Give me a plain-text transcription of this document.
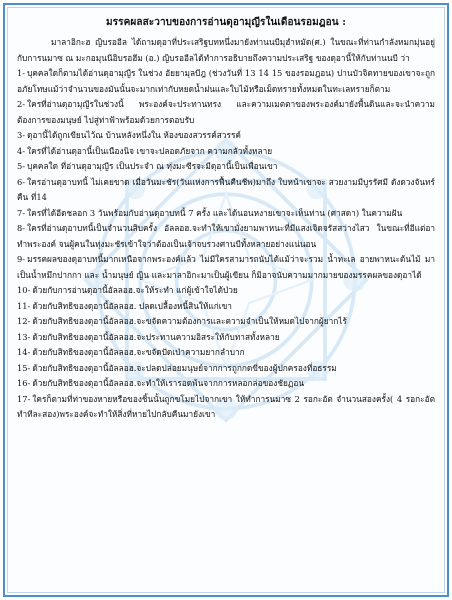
มรรคผลสะวาบของการอ่านดุอามุญีรในเดือนรอมฎอน :
มาลาอิกะฮ ญิบรออีล ได้ถามดุอาที่ประเสริฐบทหนึ่งมายังท่านนบีมุฮำหมัด(ศ.) ในขณะที่ท่านกำลังหมกมุ่นอยู่กับการนมาซ ณ มะกอมุนนีอิบรอฮีม (อ.) ญิบรออีลได้ทำการอธิบายถึงความประเสริฐ ของดุอานี้ให้กับท่านนบี ว่า
1- บุคคลใดก็ตามได้อ่านดุอามุญีร ในช่วง อัยยามุลบีฎ (ช่วงวันที่ 13 14 15 ของรอมฎอน) ปานบัวจิตทายของเขาจะถูกอภัยโทษแม้ว่าจำนวนของมันนั้นจะมากเท่ากับหยดน้ำฝนและใบไม้หรือเม็ดทรายทั้งหมดในทะเลทรายก็ตาม
2- ใครที่อ่านดุอามุญีรในช่วงนี้ พระองค์จะประทานทรง และความเมตตาของพระองค์มายังพื้นดินและจะนำความต้องการของมนุษย์ ไปสู่ท่าฟ้าพร้อมด้วยการตอบรับ
3- ดุอานี้ได้ถูกเขียนไว้ณ บ้านหลังหนึ่งใน ห้องของสวรรค์สวรรค์
4- ใครที่ได้อ่านดุอานี้เป็นเนืองนิจ เขาจะปลอดภัยจาก ความกลัวทั้งหลาย
5- บุคคลใด ที่อ่านดุอามุญีร เป็นประจำ ณ ทุ่งมะซีรจะมีดุอานี้เป็นเพื่อนเขา
6- ใครอ่านดุอาบทนี้ ไม่เคยขาด เมื่อวันมะชัร(วันแห่งการฟื้นคืนชีพ)มาถึง ใบหน้าเขาจะ สวยงามมีบูรรัศมี ดังดวงจันทร์ คืน ที่14
7- ใครที่ได้อีดชลอก 3 วันพร้อมกับอ่านดุอาบทนี้ 7 ครั้ง และได้นอนหงายเขาจะเห็นท่าน (ศาสดา) ในความฝัน
8- ใครที่อ่านดุอาบทนี้เป็นจำนวนสิบครั้ง อัลลอฮ.จะทำให้เขามั่งยามพาหนะที่มีแสงเจิดจรัสสว่างไสว ในขณะที่อีแต่อาทำพระองค์ จนผู้คนในทุ่งมะชัรเข้าใจว่าต้องเป็นเจ้าจบรวงศานบีทั้งหลายอย่างแน่นอน
9- มรรคผลของดุอาบทนี้มากเหนือจากพระองค์แล้ว ไม่มีใครสามารถนับได้แม้ว่าจะรวม น้ำทะเล อายพาหนะต้นไม้ มาเป็นน้ำหมึกปากกา และ น้ำมนุษย์ ญิน และมาลาอิกะมาเป็นผู้เขียน ก็มิอาจนับความมากมายของมรรคผลของดุอาได้
10- ด้วยกับการอ่านดุอานี้อัลลอฮ.จะให้ระทำ แก่ผู้เข้าใจได้ป่วย
11- ด้วยกับสิทธิของดุอานี้อัลลอฮ. ปลดเปลื้องหนี้สินให้แก่เขา
12- ด้วยกับสิทธิของดุอานี้อัลลอฮ.จะขจัดความต้องการและความจำเป็นให้หมดไปจากผู้ยากไร้
13- ด้วยกับสิทธิของดุอานี้อัลลอฮ.จะประทานความอิสระให้กับทาสทั้งหลาย
14- ด้วยกับสิทธิของดุอานี้อัลลอฮ.จะขจัดปัดเป่าความยากลำบาก
15- ด้วยกับสิทธิของดุอานี้อัลลอฮ.จะปลดปล่อยมนุษย์จากการถูกกดขี่ของผู้ปกครองที่อธรรม
16- ด้วยกับสิทธิของดุอานี้อัลลอฮ.จะทำให้เรารอดพ้นจากการหลอกล่อของชัยฏอน
17- ใครก็ตามที่ท่าของหายหรือของชิ้นนั้นถูกขโมยไปจากเขา ให้ทำการนมาซ 2 รอกะอัต จำนวนสองครั้ง( 4 รอกะอัต ทำทีละสอง)พระองค์จะทำให้สิ่งที่หายไปกลับคืนมายังเขา
